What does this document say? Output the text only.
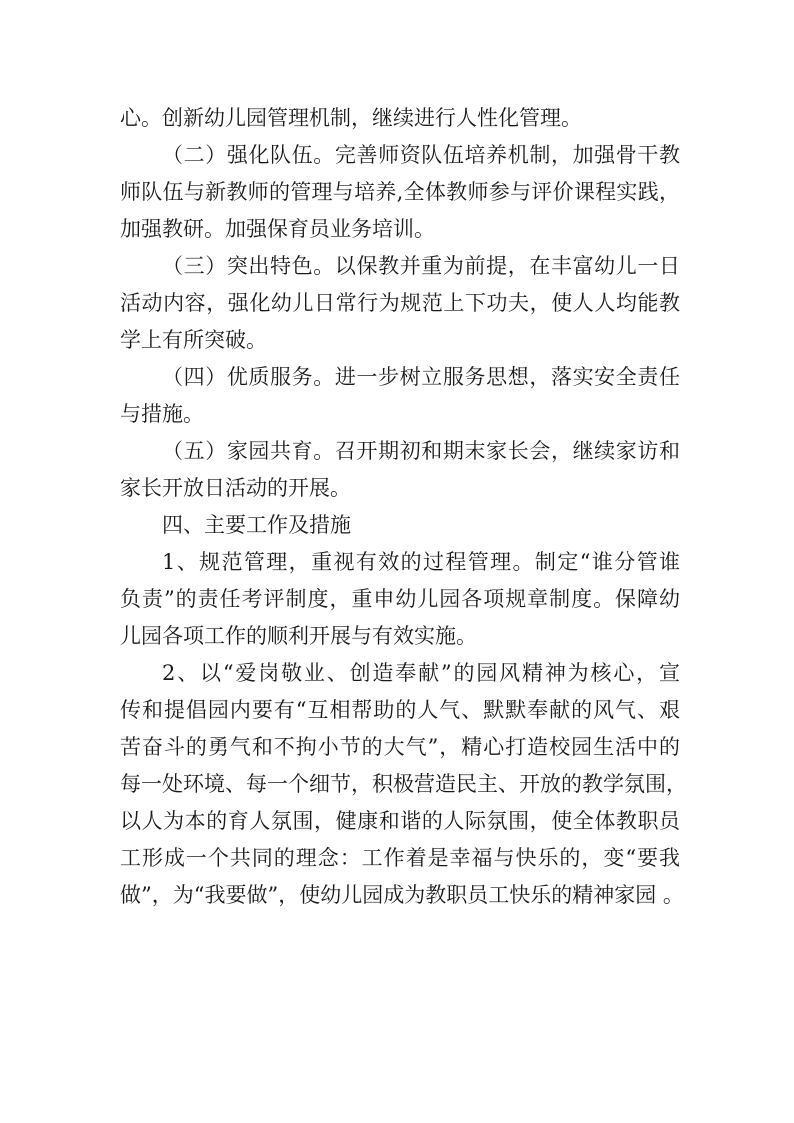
心。创新幼儿园管理机制，继续进行人性化管理。
（二）强化队伍。完善师资队伍培养机制，加强骨干教
师队伍与新教师的管理与培养,全体教师参与评价课程实践，
加强教研。加强保育员业务培训。
（三）突出特色。以保教并重为前提，在丰富幼儿一日
活动内容，强化幼儿日常行为规范上下功夫，使人人均能教
学上有所突破。
（四）优质服务。进一步树立服务思想，落实安全责任
与措施。
（五）家园共育。召开期初和期末家长会，继续家访和
家长开放日活动的开展。
四、主要工作及措施
1、规范管理，重视有效的过程管理。制定“谁分管谁
负责”的责任考评制度，重申幼儿园各项规章制度。保障幼
儿园各项工作的顺利开展与有效实施。
2、以“爱岗敬业、创造奉献”的园风精神为核心，宣
传和提倡园内要有“互相帮助的人气、默默奉献的风气、艰
苦奋斗的勇气和不拘小节的大气”，精心打造校园生活中的
每一处环境、每一个细节，积极营造民主、开放的教学氛围，
以人为本的育人氛围，健康和谐的人际氛围，使全体教职员
工形成一个共同的理念：工作着是幸福与快乐的，变“要我
做”，为“我要做”，使幼儿园成为教职员工快乐的精神家园 。
